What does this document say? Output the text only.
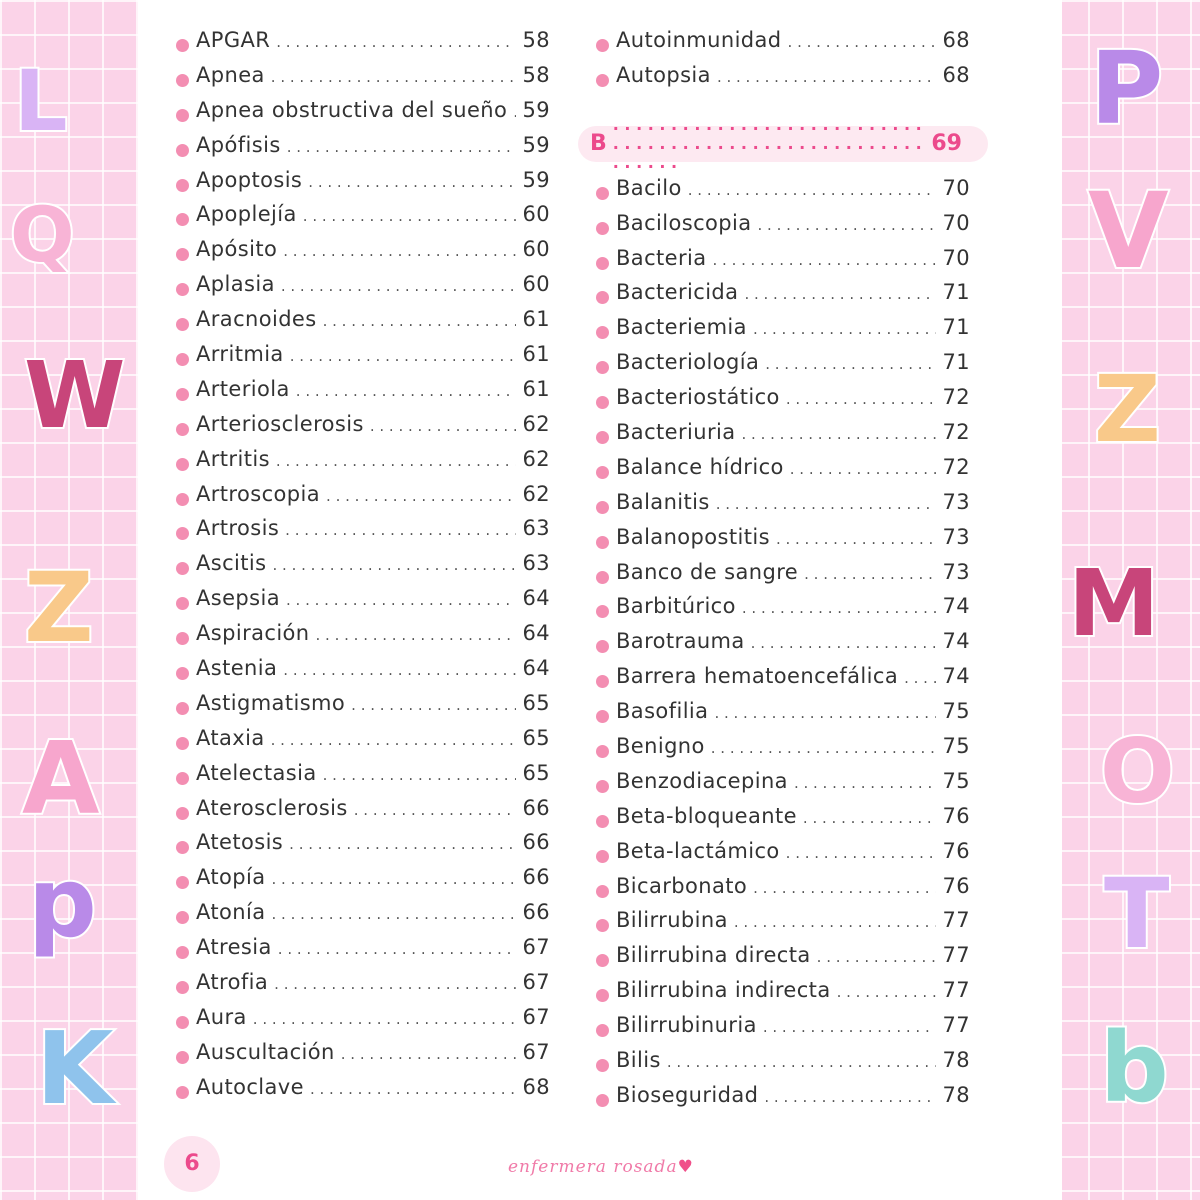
L
Q
W
Z
A
d
K
P
V
Z
M
O
T
b
APGAR . . .	58
Apnea . . .	58
Apnea obstructiva del sueño . . . 59
Apófisis . . .	59
Apoptosis . . .	59
Apoplejía . . .	60
Apósito . . .	60
Aplasia . . .	60
Aracnoides . . .	61
Arritmia . . .	61
Arteriola . . .	61
Arteriosclerosis . . .	62
Artritis . . .	62
Artroscopia . . .	62
Artrosis . . .	63
Ascitis . . .	63
Asepsia . . .	64
Aspiración . . .	64
Astenia . . .	64
Astigmatismo . . .	65
Ataxia . . .	65
Atelectasia . . .	65
Aterosclerosis . . .	66
Atetosis . . .	66
Atopía . . .	66
Atonía . . .	66
Atresia . . .	67
Atrofia . . .	67
Aura . . .	67
Auscultación . . .	67
Autoclave . . .	68
Autoinmunidad . . .	68
Autopsia . . .	68
B . . .	69
Bacilo . . .	70
Baciloscopia . . .	70
Bacteria . . .	70
Bactericida . . .	71
Bacteriemia . . .	71
Bacteriología . . .	71
Bacteriostático . . .	72
Bacteriuria . . .	72
Balance hídrico . . .	72
Balanitis . . .	73
Balanopostitis . . .	73
Banco de sangre . . .	73
Barbitúrico . . .	74
Barotrauma . . .	74
Barrera hematoencefálica . . . 74
Basofilia . . .	75
Benigno . . .	75
Benzodiacepina . . .	75
Beta-bloqueante . . .	76
Beta-lactámico . . .	76
Bicarbonato . . .	76
Bilirrubina . . .	77
Bilirrubina directa . . .	77
Bilirrubina indirecta . . .	77
Bilirrubinuria . . .	77
Bilis . . .	78
Bioseguridad . . .	78
6	enfermera rosada♥
